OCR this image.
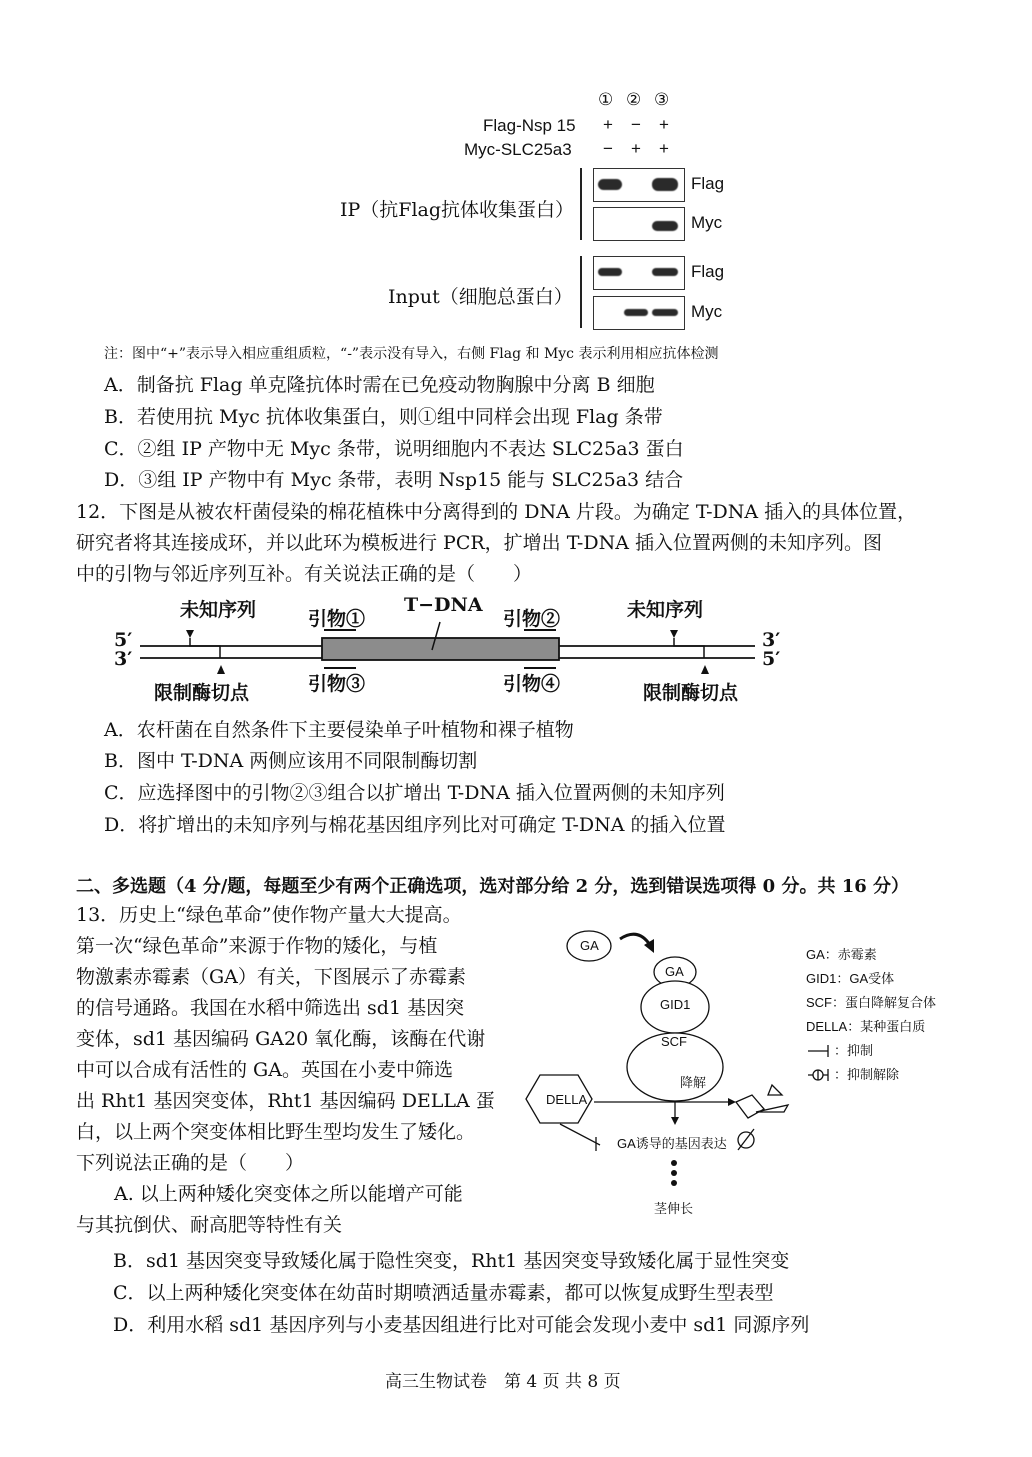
① ② ③
Flag-Nsp 15 + − +
Myc-SLC25a3 − + +
IP（抗Flag抗体收集蛋白）
Flag
Myc
Input（细胞总蛋白）
Flag
Myc
注：图中“+”表示导入相应重组质粒，“-”表示没有导入，右侧 Flag 和 Myc 表示利用相应抗体检测
A．制备抗 Flag 单克隆抗体时需在已免疫动物胸腺中分离 B 细胞
B．若使用抗 Myc 抗体收集蛋白，则①组中同样会出现 Flag 条带
C．②组 IP 产物中无 Myc 条带，说明细胞内不表达 SLC25a3 蛋白
D．③组 IP 产物中有 Myc 条带，表明 Nsp15 能与 SLC25a3 结合
12．下图是从被农杆菌侵染的棉花植株中分离得到的 DNA 片段。为确定 T-DNA 插入的具体位置，
研究者将其连接成环，并以此环为模板进行 PCR，扩增出 T-DNA 插入位置两侧的未知序列。图
中的引物与邻近序列互补。有关说法正确的是（　　）
5′
3′
3′
5′
未知序列	未知序列
T−DNA
引物①	引物②
引物③	引物④
限制酶切点	限制酶切点
A．农杆菌在自然条件下主要侵染单子叶植物和裸子植物
B．图中 T-DNA 两侧应该用不同限制酶切割
C．应选择图中的引物②③组合以扩增出 T-DNA 插入位置两侧的未知序列
D．将扩增出的未知序列与棉花基因组序列比对可确定 T-DNA 的插入位置
二、多选题（4 分/题，每题至少有两个正确选项，选对部分给 2 分，选到错误选项得 0 分。共 16 分）
13．历史上“绿色革命”使作物产量大大提高。
第一次“绿色革命”来源于作物的矮化，与植
物激素赤霉素（GA）有关，下图展示了赤霉素
的信号通路。我国在水稻中筛选出 sd1 基因突
变体，sd1 基因编码 GA20 氧化酶，该酶在代谢
中可以合成有活性的 GA。英国在小麦中筛选
出 Rht1 基因突变体，Rht1 基因编码 DELLA 蛋
白，以上两个突变体相比野生型均发生了矮化。
下列说法正确的是（　　）
　　A. 以上两种矮化突变体之所以能增产可能
与其抗倒伏、耐高肥等特性有关
GA
GA
GID1
SCF
DELLA
降解
GA诱导的基因表达
茎伸长
GA：赤霉素
GID1：GA受体
SCF：蛋白降解复合体
DELLA：某种蛋白质
：抑制
：抑制解除
B．sd1 基因突变导致矮化属于隐性突变，Rht1 基因突变导致矮化属于显性突变
C．以上两种矮化突变体在幼苗时期喷洒适量赤霉素，都可以恢复成野生型表型
D．利用水稻 sd1 基因序列与小麦基因组进行比对可能会发现小麦中 sd1 同源序列
高三生物试卷　第 4 页 共 8 页
